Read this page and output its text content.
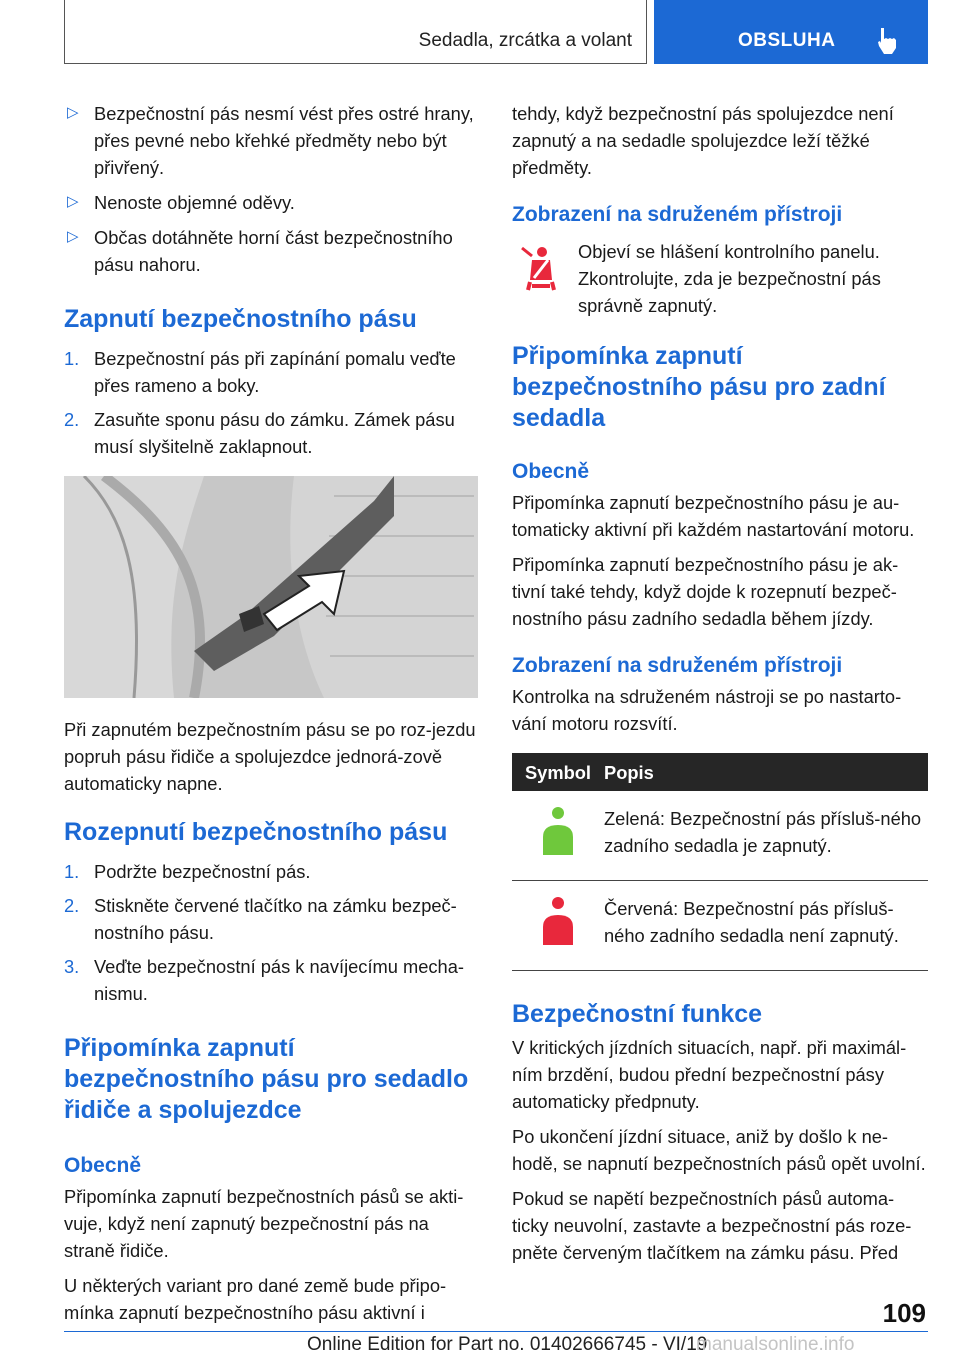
Sedadla, zrcátka a volant	OBSLUHA
▷ Bezpečnostní pás nesmí vést přes ostré hrany, přes pevné nebo křehké předměty nebo být přivřený.
▷ Nenoste objemné oděvy.
▷ Občas dotáhněte horní část bezpečnostního pásu nahoru.
Zapnutí bezpečnostního pásu
1. Bezpečnostní pás při zapínání pomalu veďte přes rameno a boky.
2. Zasuňte sponu pásu do zámku. Zámek pásu musí slyšitelně zaklapnout.

Při zapnutém bezpečnostním pásu se po roz‐jezdu popruh pásu řidiče a spolujezdce jednorá‐zově automaticky napne.

Rozepnutí bezpečnostního pásu
1. Podržte bezpečnostní pás.
2. Stiskněte červené tlačítko na zámku bezpeč‐nostního pásu.
3. Veďte bezpečnostní pás k navíjecímu mecha‐nismu.
Připomínka zapnutí bezpečnostního pásu pro sedadlo řidiče a spolujezdce
Obecně

Připomínka zapnutí bezpečnostních pásů se akti‐vuje, když není zapnutý bezpečnostní pás na straně řidiče.

U některých variant pro dané země bude připo‐mínka zapnutí bezpečnostního pásu aktivní i

tehdy, když bezpečnostní pás spolujezdce není zapnutý a na sedadle spolujezdce leží těžké předměty.

Zobrazení na sdruženém přístroji
Objeví se hlášení kontrolního panelu. Zkontrolujte, zda je bezpečnostní pás správně zapnutý.
Připomínka zapnutí bezpečnostního pásu pro zadní sedadla
Obecně

Připomínka zapnutí bezpečnostního pásu je au‐tomaticky aktivní při každém nastartování motoru.

Připomínka zapnutí bezpečnostního pásu je ak‐tivní také tehdy, když dojde k rozepnutí bezpeč‐nostního pásu zadního sedadla během jízdy.

Zobrazení na sdruženém přístroji

Kontrolka na sdruženém nástroji se po nastarto‐vání motoru rozsvítí.

Symbol	Popis
	Zelená: Bezpečnostní pás přísluš‐ného zadního sedadla je zapnutý.
	Červená: Bezpečnostní pás přísluš‐ného zadního sedadla není zapnutý.
Bezpečnostní funkce

V kritických jízdních situacích, např. při maximál‐ním brzdění, budou přední bezpečnostní pásy automaticky předpnuty.

Po ukončení jízdní situace, aniž by došlo k ne‐hodě, se napnutí bezpečnostních pásů opět uvolní.

Pokud se napětí bezpečnostních pásů automa‐ticky neuvolní, zastavte a bezpečnostní pás roze‐pněte červeným tlačítkem na zámku pásu. Před

109
Online Edition for Part no. 01402666745 - VI/19
manualsonline.info
